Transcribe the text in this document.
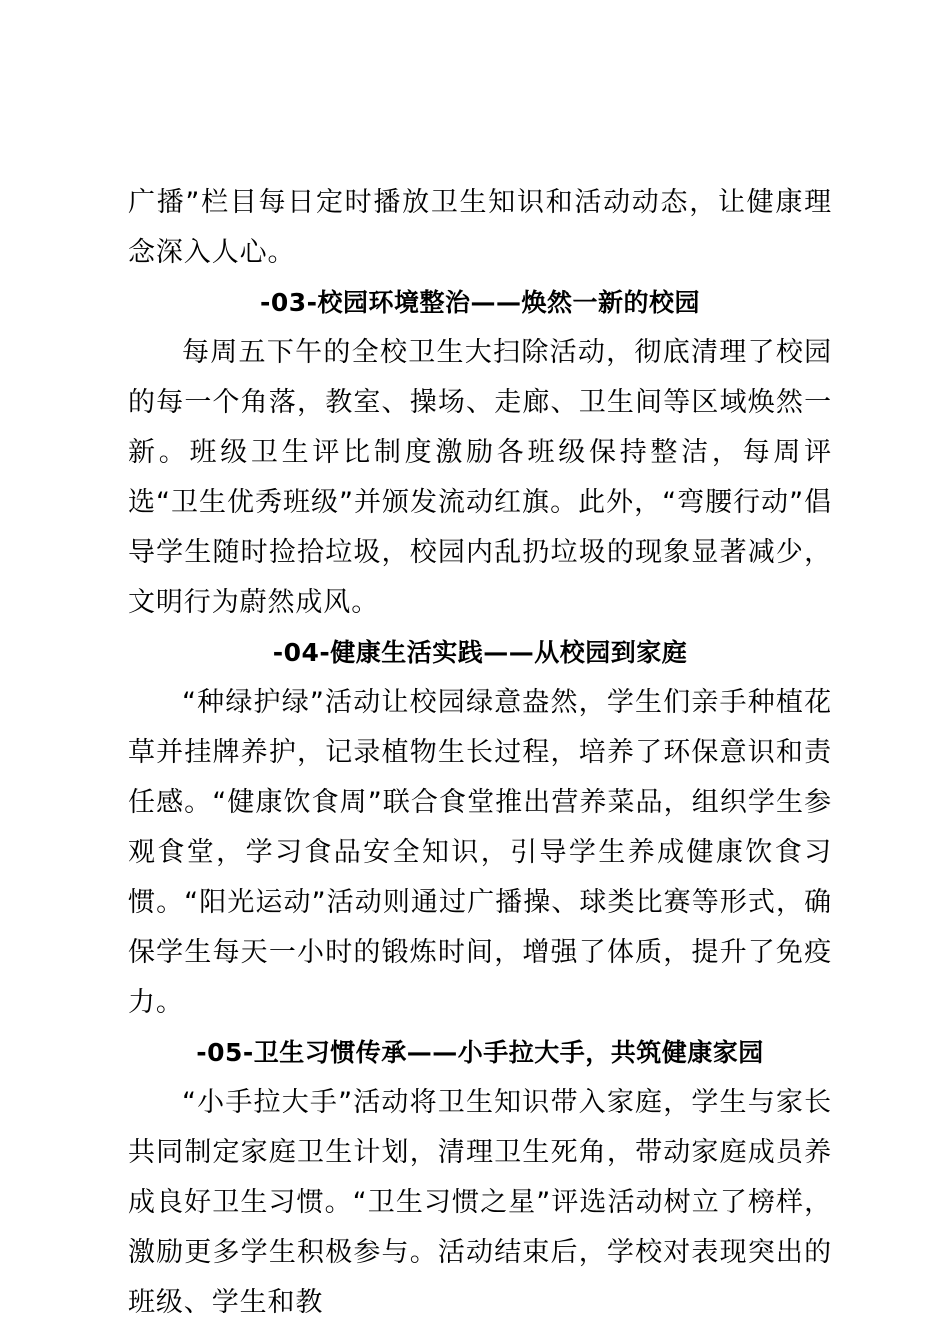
广播”栏目每日定时播放卫生知识和活动动态，让健康理念深入人心。

-03-校园环境整治——焕然一新的校园

每周五下午的全校卫生大扫除活动，彻底清理了校园的每一个角落，教室、操场、走廊、卫生间等区域焕然一新。班级卫生评比制度激励各班级保持整洁，每周评选“卫生优秀班级”并颁发流动红旗。此外，“弯腰行动”倡导学生随时捡拾垃圾，校园内乱扔垃圾的现象显著减少，文明行为蔚然成风。

-04-健康生活实践——从校园到家庭

“种绿护绿”活动让校园绿意盎然，学生们亲手种植花草并挂牌养护，记录植物生长过程，培养了环保意识和责任感。“健康饮食周”联合食堂推出营养菜品，组织学生参观食堂，学习食品安全知识，引导学生养成健康饮食习惯。“阳光运动”活动则通过广播操、球类比赛等形式，确保学生每天一小时的锻炼时间，增强了体质，提升了免疫力。

-05-卫生习惯传承——小手拉大手，共筑健康家园

“小手拉大手”活动将卫生知识带入家庭，学生与家长共同制定家庭卫生计划，清理卫生死角，带动家庭成员养成良好卫生习惯。“卫生习惯之星”评选活动树立了榜样，激励更多学生积极参与。活动结束后，学校对表现突出的班级、学生和教
